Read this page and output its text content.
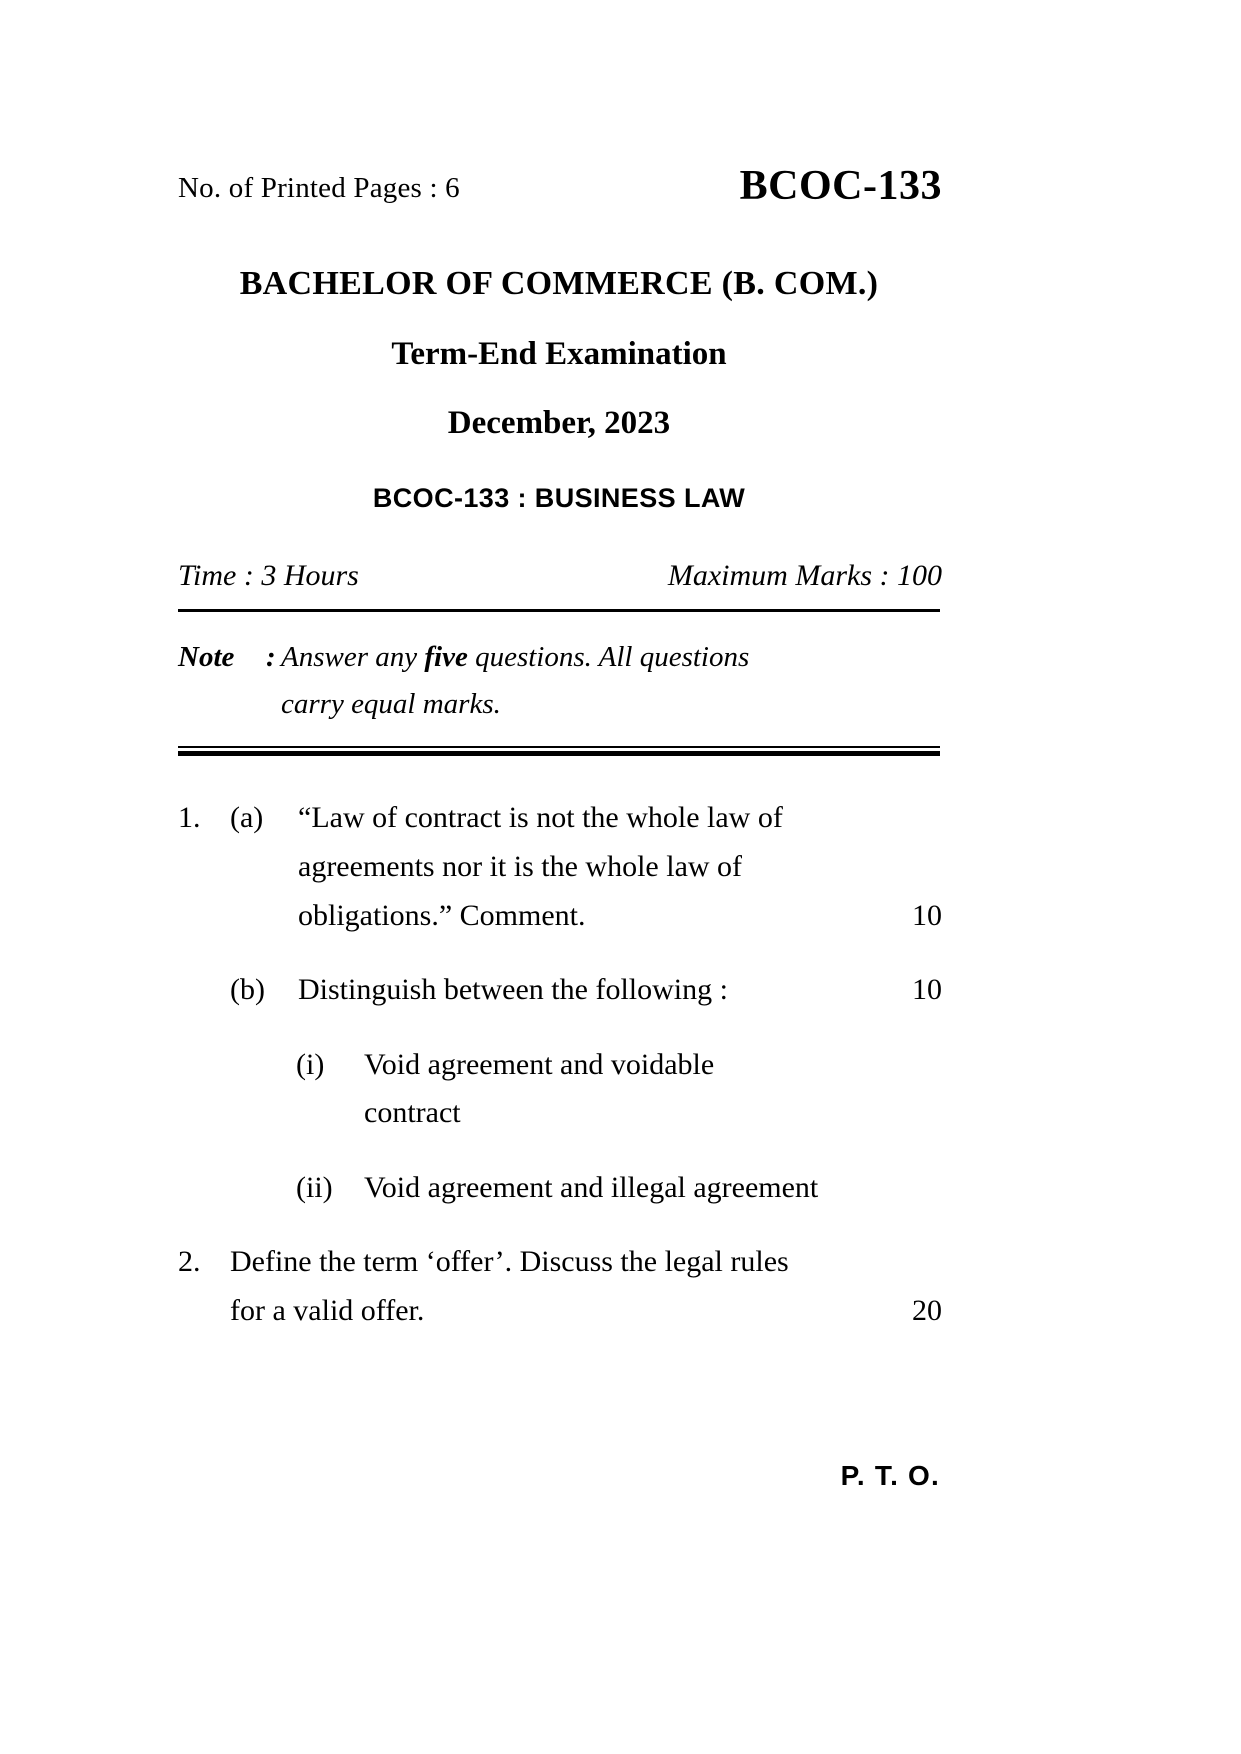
No. of Printed Pages : 6	BCOC-133
BACHELOR OF COMMERCE (B. COM.)
Term-End Examination
December, 2023
BCOC-133 : BUSINESS LAW
Time : 3 Hours	Maximum Marks : 100
Note : Answer any five questions. All questions
carry equal marks.
1. (a)	“Law of contract is not the whole law of
agreements nor it is the whole law of
obligations.” Comment.	10
(b)	Distinguish between the following :	10
(i)	Void agreement and voidable
contract
(ii)	Void agreement and illegal agreement
2. Define the term ‘offer’. Discuss the legal rules
for a valid offer.	20
P. T. O.
